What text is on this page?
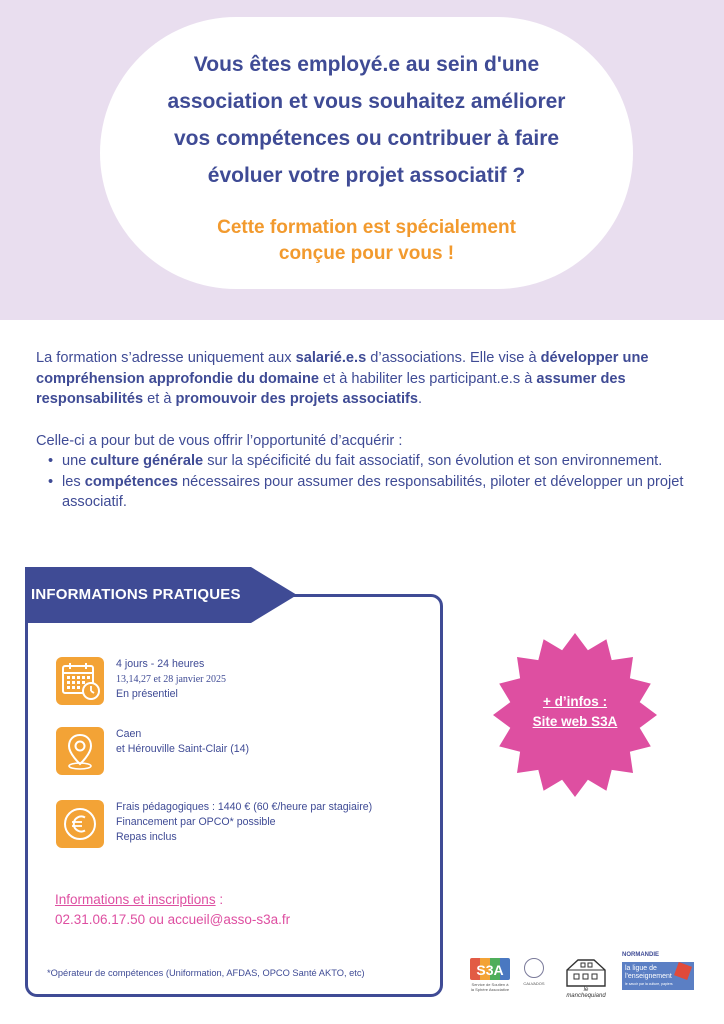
Vous êtes employé.e au sein d'une
association et vous souhaitez améliorer
vos compétences ou contribuer à faire
évoluer votre projet associatif ?
Cette formation est spécialement
conçue pour vous !

La formation s’adresse uniquement aux salarié.e.s d’associations. Elle vise à développer une compréhension approfondie du domaine et à habiliter les participant.e.s à assumer des responsabilités et à promouvoir des projets associatifs.

Celle-ci a pour but de vous offrir l’opportunité d’acquérir :

• une culture générale sur la spécificité du fait associatif, son évolution et son environnement.
• les compétences nécessaires pour assumer des responsabilités, piloter et développer un projet associatif.
INFORMATIONS PRATIQUES
4 jours - 24 heures
13,14,27 et 28 janvier 2025
En présentiel
Caen
et Hérouville Saint-Clair (14)
Frais pédagogiques : 1440 € (60 €/heure par stagiaire)
Financement par OPCO* possible
Repas inclus
Informations et inscriptions :
02.31.06.17.50 ou accueil@asso-s3a.fr
*Opérateur de compétences (Uniformation, AFDAS, OPCO Santé AKTO, etc)
+ d’infos :
Site web S3A
S3A
Service de Soutien à la Sphère Associative
CALVADOS
le manchequiand
NORMANDIE
la ligue de l'enseignement
le savoir par la culture, papiers
